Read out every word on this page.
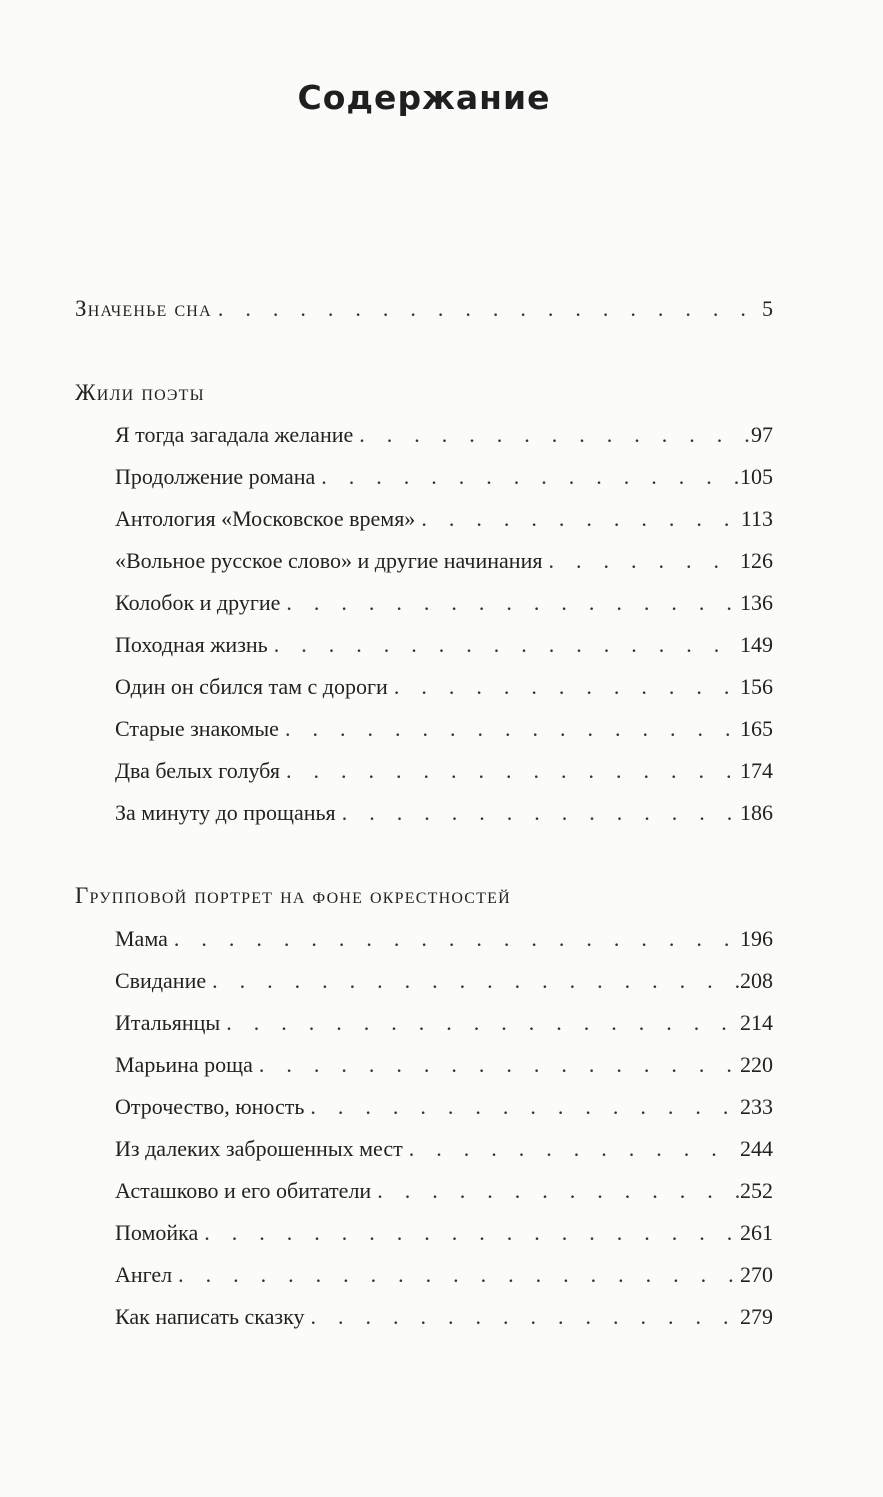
Содержание
Значенье сна .	5
Жили поэты
Я тогда загадала желание .	97
Продолжение романа .	105
Антология «Московское время» .	113
«Вольное русское слово» и другие начинания .	126
Колобок и другие .	136
Походная жизнь .	149
Один он сбился там с дороги .	156
Старые знакомые .	165
Два белых голубя .	174
За минуту до прощанья .	186
Групповой портрет на фоне окрестностей
Мама .	196
Свидание .	208
Итальянцы .	214
Марьина роща .	220
Отрочество, юность .	233
Из далеких заброшенных мест .	244
Асташково и его обитатели .	252
Помойка .	261
Ангел .	270
Как написать сказку .	279
